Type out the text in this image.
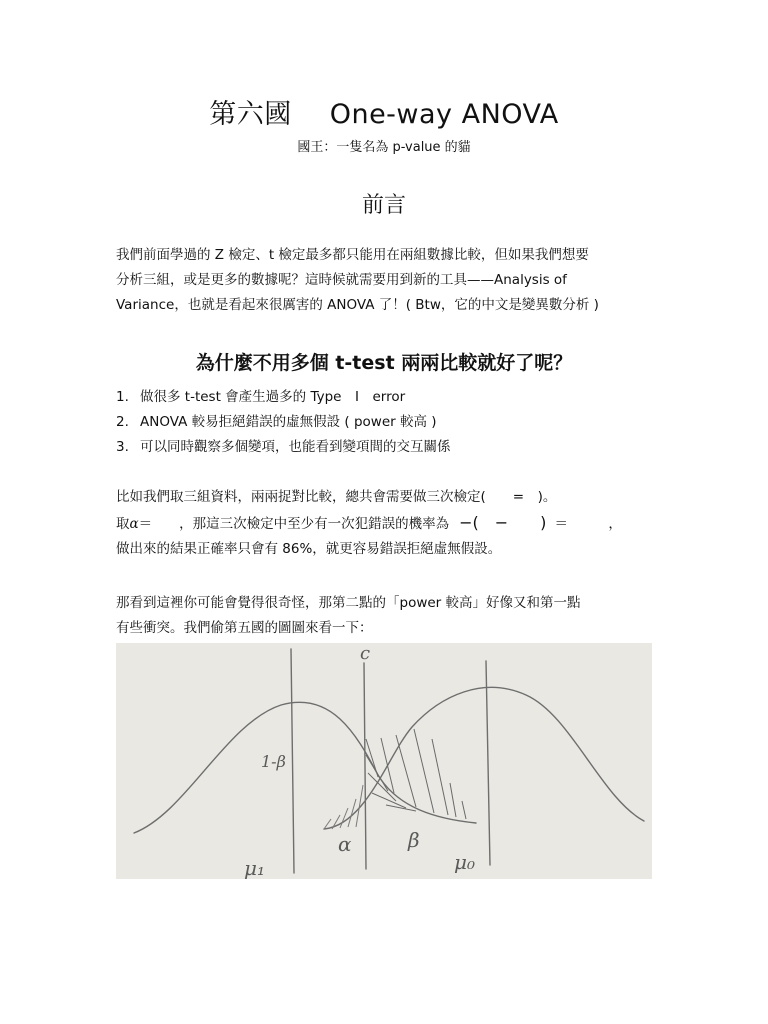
第六國 One-way ANOVA
國王：一隻名為 p-value 的貓
前言
我們前面學過的 Z 檢定、t 檢定最多都只能用在兩組數據比較，但如果我們想要
分析三組，或是更多的數據呢？這時候就需要用到新的工具——Analysis of
Variance，也就是看起來很厲害的 ANOVA 了！( Btw，它的中文是變異數分析 )
為什麼不用多個 t-test 兩兩比較就好了呢？
1. 做很多 t-test 會產生過多的 Type　I　error
2. ANOVA 較易拒絕錯誤的虛無假設 ( power 較高 )
3. 可以同時觀察多個變項，也能看到變項間的交互關係
比如我們取三組資料，兩兩捉對比較，總共會需要做三次檢定(　　=　)。
取α＝　　，那這三次檢定中至少有一次犯錯誤的機率為 −(　−　　) ＝　　　，
做出來的結果正確率只會有 86%，就更容易錯誤拒絕虛無假設。
那看到這裡你可能會覺得很奇怪，那第二點的「power 較高」好像又和第一點
有些衝突。我們偷第五國的圖圖來看一下：
1-β
α	β
c
μ₁	μ₀
